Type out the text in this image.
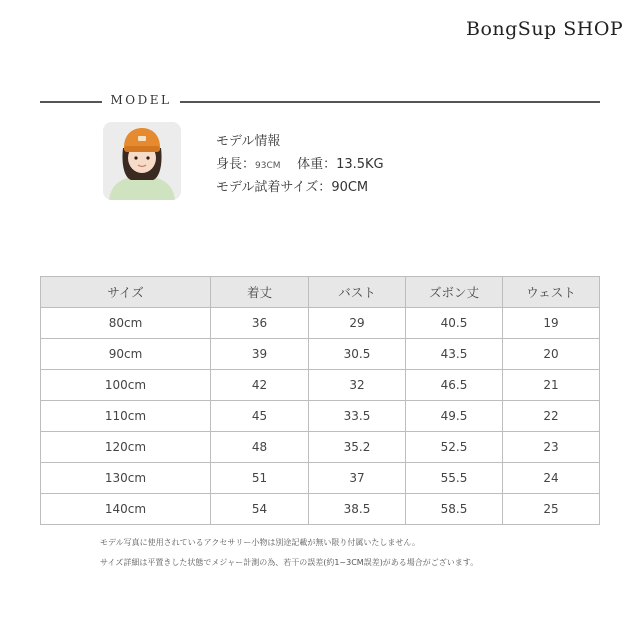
BongSup SHOP
MODEL
モデル情報
身長：93CM 体重：13.5KG
モデル試着サイズ：90CM
サイズ	着丈	バスト	ズボン丈	ウェスト
80cm	36	29	40.5	19
90cm	39	30.5	43.5	20
100cm	42	32	46.5	21
110cm	45	33.5	49.5	22
120cm	48	35.2	52.5	23
130cm	51	37	55.5	24
140cm	54	38.5	58.5	25
モデル写真に使用されているアクセサリー小物は別途記載が無い限り付属いたしません。
サイズ詳細は平置きした状態でメジャー計測の為、若干の誤差(約1~3CM誤差)がある場合がございます。
